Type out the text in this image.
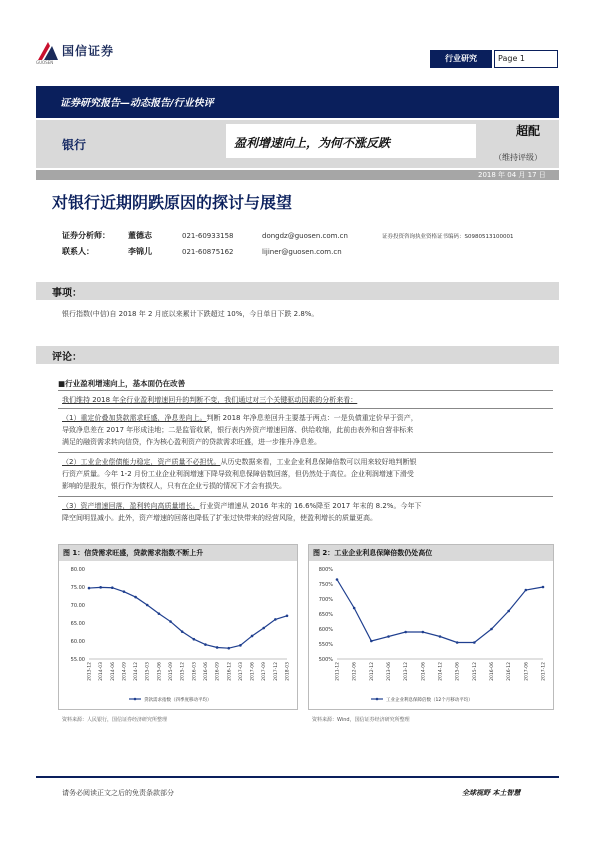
国信证券
GUOSEN	行业研究	Page 1
证券研究报告—动态报告/行业快评
银行	盈利增速向上，为何不涨反跌
超配
（维持评级）
2018 年 04 月 17 日
对银行近期阴跌原因的探讨与展望
证券分析师： 董德志	021-60933158	dongdz@guosen.com.cn	证券投资咨询执业资格证书编码：S0980513100001
联系人：	李锦儿	021-60875162	lijiner@guosen.com.cn
事项：
银行指数(中信)自 2018 年 2 月底以来累计下跌超过 10%，今日单日下跌 2.8%。
评论：
■行业盈利增速向上，基本面仍在改善
我们维持 2018 年全行业盈利增速回升的判断不变，我们通过对三个关键驱动因素的分析来看：
（1）重定价叠加贷款需求旺盛，净息差向上。判断 2018 年净息差回升主要基于两点：一是负债重定价早于资产，
导致净息差在 2017 年形成洼地；二是监管收紧，银行表内外资产增速回落、供给收缩，此前由表外和自营非标来
满足的融资需求转向信贷，作为核心盈利资产的贷款需求旺盛，进一步推升净息差。
（2）工业企业偿债能力稳定，资产质量不必担忧。从历史数据来看，工业企业利息保障倍数可以用来较好地判断银
行资产质量。今年 1-2 月份工业企业利润增速下降导致利息保障倍数回落，但仍然处于高位。企业利润增速下滑受
影响的是股东，银行作为债权人，只有在企业亏损的情况下才会有损失。
（3）资产增速回落，盈利转向高质量增长。行业资产增速从 2016 年末的 16.6%降至 2017 年末的 8.2%。今年下
降空间明显减小。此外，资产增速的回落也降低了扩张过快带来的经营风险，使盈利增长的质量更高。
图 1：信贷需求旺盛，贷款需求指数不断上升
55.00
60.00
65.00
70.00
75.00
80.00
2013-12 2014-03 2014-06 2014-09 2014-12 2015-03 2015-06 2015-09 2015-12 2016-03 2016-06 2016-09 2016-12 2017-03 2017-06 2017-09 2017-12 2018-03
贷款需求指数（四季度移动平均）
资料来源：人民银行，国信证券经济研究所整理
图 2：工业企业利息保障倍数仍处高位
500%
550%
600%
650%
700%
750%
800%
2011-12	2012-06	2012-12	2013-06	2013-12	2014-06	2014-12	2015-06	2015-12	2016-06	2016-12	2017-06	2017-12
工业企业利息保障倍数（12个月移动平均）
资料来源：Wind，国信证券经济研究所整理
请务必阅读正文之后的免责条款部分	全球视野 本土智慧
